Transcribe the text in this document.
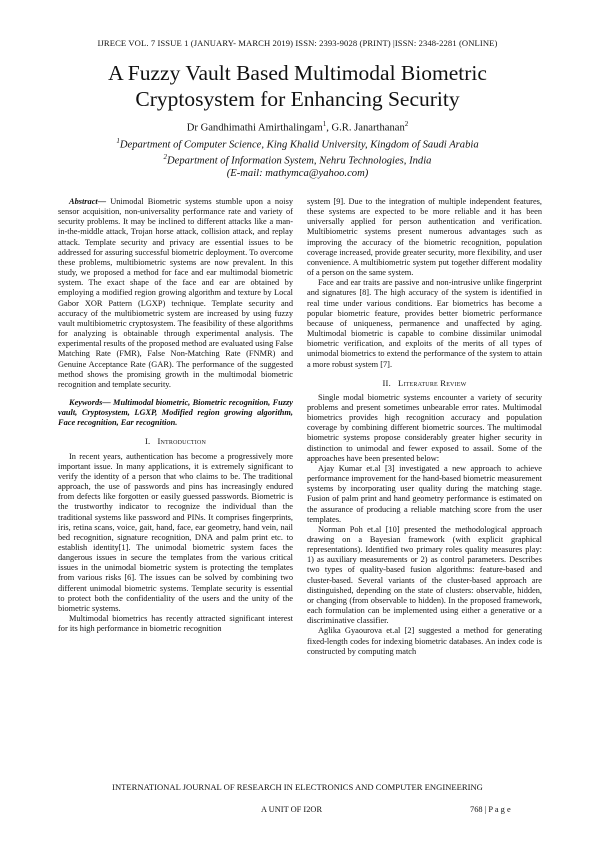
IJRECE VOL. 7 ISSUE 1 (JANUARY- MARCH 2019) ISSN: 2393-9028 (PRINT) |ISSN: 2348-2281 (ONLINE)
A Fuzzy Vault Based Multimodal Biometric
Cryptosystem for Enhancing Security
Dr Gandhimathi Amirthalingam$^1$, G.R. Janarthanan$^2$
$^1$Department of Computer Science, King Khalid University, Kingdom of Saudi Arabia
$^2$Department of Information System, Nehru Technologies, India
(E-mail: mathymca@yahoo.com)

Abstract— Unimodal Biometric systems stumble upon a noisy sensor acquisition, non-universality performance rate and variety of security problems. It may be inclined to different attacks like a man-in-the-middle attack, Trojan horse attack, collision attack, and replay attack. Template security and privacy are essential issues to be addressed for assuring successful biometric deployment. To overcome these problems, multibiometric systems are now prevalent. In this study, we proposed a method for face and ear multimodal biometric system. The exact shape of the face and ear are obtained by employing a modified region growing algorithm and texture by Local Gabor XOR Pattern (LGXP) technique. Template security and accuracy of the multibiometric system are increased by using fuzzy vault multibiometric cryptosystem. The feasibility of these algorithms for analyzing is obtainable through experimental analysis. The experimental results of the proposed method are evaluated using False Matching Rate (FMR), False Non-Matching Rate (FNMR) and Genuine Acceptance Rate (GAR). The performance of the suggested method shows the promising growth in the multimodal biometric recognition and template security.

Keywords— Multimodal biometric, Biometric recognition, Fuzzy vault, Cryptosystem, LGXP, Modified region growing algorithm, Face recognition, Ear recognition.

I. Introduction

In recent years, authentication has become a progressively more important issue. In many applications, it is extremely significant to verify the identity of a person that who claims to be. The traditional approach, the use of passwords and pins has increasingly endured from defects like forgotten or easily guessed passwords. Biometric is the trustworthy indicator to recognize the individual than the traditional systems like password and PINs. It comprises fingerprints, iris, retina scans, voice, gait, hand, face, ear geometry, hand vein, nail bed recognition, signature recognition, DNA and palm print etc. to establish identity[1]. The unimodal biometric system faces the dangerous issues in secure the templates from the various critical issues in the unimodal biometric system is protecting the templates from various risks [6]. The issues can be solved by combining two different unimodal biometric systems. Template security is essential to protect both the confidentiality of the users and the unity of the biometric systems.

Multimodal biometrics has recently attracted significant interest for its high performance in biometric recognition

system [9]. Due to the integration of multiple independent features, these systems are expected to be more reliable and it has been universally applied for person authentication and verification. Multibiometric systems present numerous advantages such as improving the accuracy of the biometric recognition, population coverage increased, provide greater security, more flexibility, and user convenience. A multibiometric system put together different modality of a person on the same system.

Face and ear traits are passive and non-intrusive unlike fingerprint and signatures [8]. The high accuracy of the system is identified in real time under various conditions. Ear biometrics has become a popular biometric feature, provides better biometric performance because of uniqueness, permanence and unaffected by aging. Multimodal biometric is capable to combine dissimilar unimodal biometric verification, and exploits of the merits of all types of unimodal biometrics to extend the performance of the system to attain a more robust system [7].

II. Literature Review

Single modal biometric systems encounter a variety of security problems and present sometimes unbearable error rates. Multimodal biometrics provides high recognition accuracy and population coverage by combining different biometric sources. The multimodal biometric systems propose considerably greater higher security in distinction to unimodal and fewer exposed to assail. Some of the approaches have been presented below:

Ajay Kumar et.al [3] investigated a new approach to achieve performance improvement for the hand-based biometric measurement systems by incorporating user quality during the matching stage. Fusion of palm print and hand geometry performance is estimated on the assurance of producing a reliable matching score from the user templates.

Norman Poh et.al [10] presented the methodological approach drawing on a Bayesian framework (with explicit graphical representations). Identified two primary roles quality measures play: 1) as auxiliary measurements or 2) as control parameters. Describes two types of quality-based fusion algorithms: feature-based and cluster-based. Several variants of the cluster-based approach are distinguished, depending on the state of clusters: observable, hidden, or changing (from observable to hidden). In the proposed framework, each formulation can be implemented using either a generative or a discriminative classifier.

Aglika Gyaourova et.al [2] suggested a method for generating fixed-length codes for indexing biometric databases. An index code is constructed by computing match

INTERNATIONAL JOURNAL OF RESEARCH IN ELECTRONICS AND COMPUTER ENGINEERING
A UNIT OF I2OR	768 | P a g e
